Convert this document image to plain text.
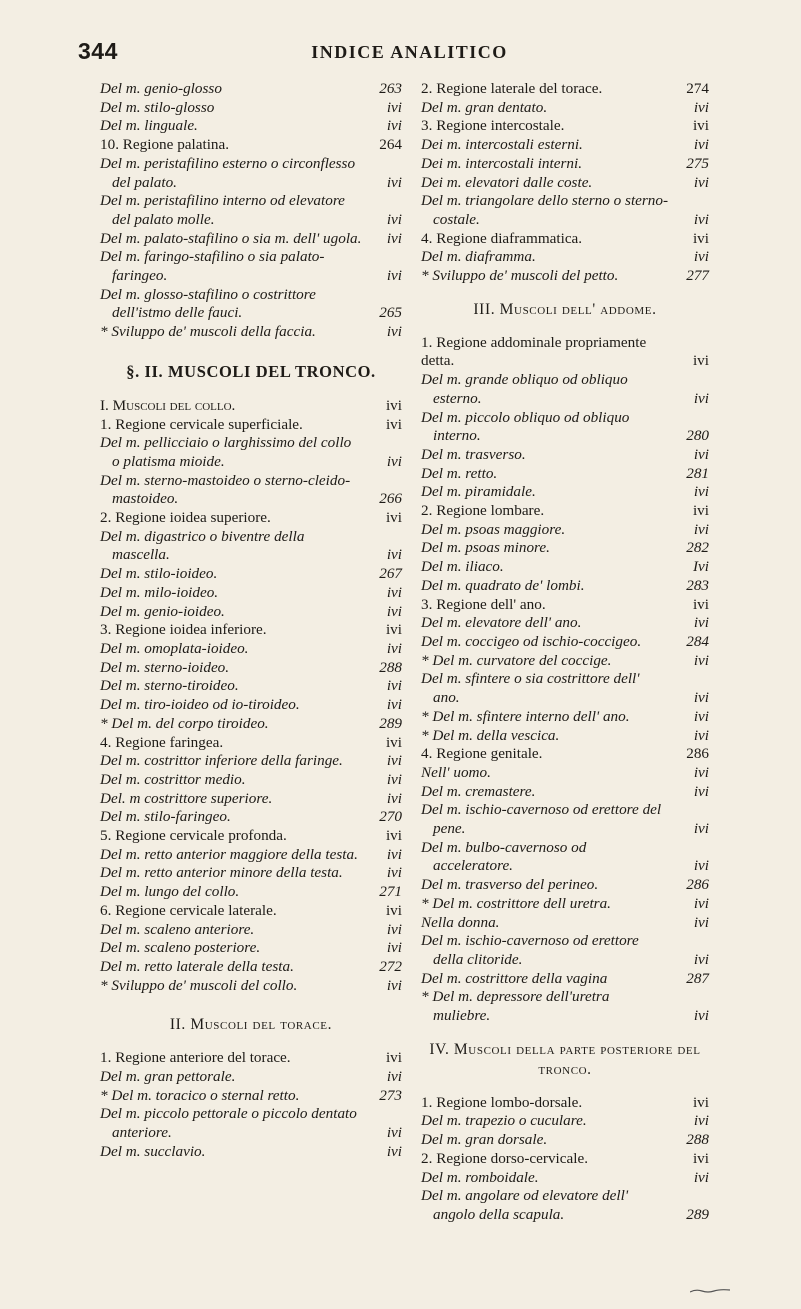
344	INDICE ANALITICO
Del m. genio-glosso	263
Del m. stilo-glosso	ivi
Del m. linguale.	ivi
10. Regione palatina.	264
Del m. peristafilino esterno o circonflesso del palato.	ivi
Del m. peristafilino interno od elevatore del palato molle.	ivi
Del m. palato-stafilino o sia m. dell' ugola.	ivi
Del m. faringo-stafilino o sia palato-faringeo.	ivi
Del m. glosso-stafilino o costrittore dell'istmo delle fauci.	265
* Sviluppo de' muscoli della faccia.	ivi
§. II. MUSCOLI DEL TRONCO.
I. Muscoli del collo.	ivi
1. Regione cervicale superficiale.	ivi
Del m. pellicciaio o larghissimo del collo o platisma mioide.	ivi
Del m. sterno-mastoideo o sterno-cleido-mastoideo.	266
2. Regione ioidea superiore.	ivi
Del m. digastrico o biventre della mascella.	ivi
Del m. stilo-ioideo.	267
Del m. milo-ioideo.	ivi
Del m. genio-ioideo.	ivi
3. Regione ioidea inferiore.	ivi
Del m. omoplata-ioideo.	ivi
Del m. sterno-ioideo.	288
Del m. sterno-tiroideo.	ivi
Del m. tiro-ioideo od io-tiroideo.	ivi
* Del m. del corpo tiroideo.	289
4. Regione faringea.	ivi
Del m. costrittor inferiore della faringe.	ivi
Del m. costrittor medio.	ivi
Del. m costrittore superiore.	ivi
Del m. stilo-faringeo.	270
5. Regione cervicale profonda.	ivi
Del m. retto anterior maggiore della testa.	ivi
Del m. retto anterior minore della testa.	ivi
Del m. lungo del collo.	271
6. Regione cervicale laterale.	ivi
Del m. scaleno anteriore.	ivi
Del m. scaleno posteriore.	ivi
Del m. retto laterale della testa.	272
* Sviluppo de' muscoli del collo.	ivi
II. Muscoli del torace.
1. Regione anteriore del torace.	ivi
Del m. gran pettorale.	ivi
* Del m. toracico o sternal retto.	273
Del m. piccolo pettorale o piccolo dentato anteriore.	ivi
Del m. succlavio.	ivi
2. Regione laterale del torace.	274
Del m. gran dentato.	ivi
3. Regione intercostale.	ivi
Dei m. intercostali esterni.	ivi
Dei m. intercostali interni.	275
Dei m. elevatori dalle coste.	ivi
Del m. triangolare dello sterno o sterno-costale.	ivi
4. Regione diaframmatica.	ivi
Del m. diaframma.	ivi
* Sviluppo de' muscoli del petto.	277
III. Muscoli dell' addome.
1. Regione addominale propriamente detta.	ivi
Del m. grande obliquo od obliquo esterno.	ivi
Del m. piccolo obliquo od obliquo interno.	280
Del m. trasverso.	ivi
Del m. retto.	281
Del m. piramidale.	ivi
2. Regione lombare.	ivi
Del m. psoas maggiore.	ivi
Del m. psoas minore.	282
Del m. iliaco.	Ivi
Del m. quadrato de' lombi.	283
3. Regione dell' ano.	ivi
Del m. elevatore dell' ano.	ivi
Del m. coccigeo od ischio-coccigeo.	284
* Del m. curvatore del coccige.	ivi
Del m. sfintere o sia costrittore dell' ano.	ivi
* Del m. sfintere interno dell' ano.	ivi
* Del m. della vescica.	ivi
4. Regione genitale.	286
Nell' uomo.	ivi
Del m. cremastere.	ivi
Del m. ischio-cavernoso od erettore del pene.	ivi
Del m. bulbo-cavernoso od acceleratore.	ivi
Del m. trasverso del perineo.	286
* Del m. costrittore dell uretra.	ivi
Nella donna.	ivi
Del m. ischio-cavernoso od erettore della clitoride.	ivi
Del m. costrittore della vagina	287
* Del m. depressore dell'uretra muliebre.	ivi
IV. Muscoli della parte posteriore del tronco.
1. Regione lombo-dorsale.	ivi
Del m. trapezio o cuculare.	ivi
Del m. gran dorsale.	288
2. Regione dorso-cervicale.	ivi
Del m. romboidale.	ivi
Del m. angolare od elevatore dell' angolo della scapula.	289
